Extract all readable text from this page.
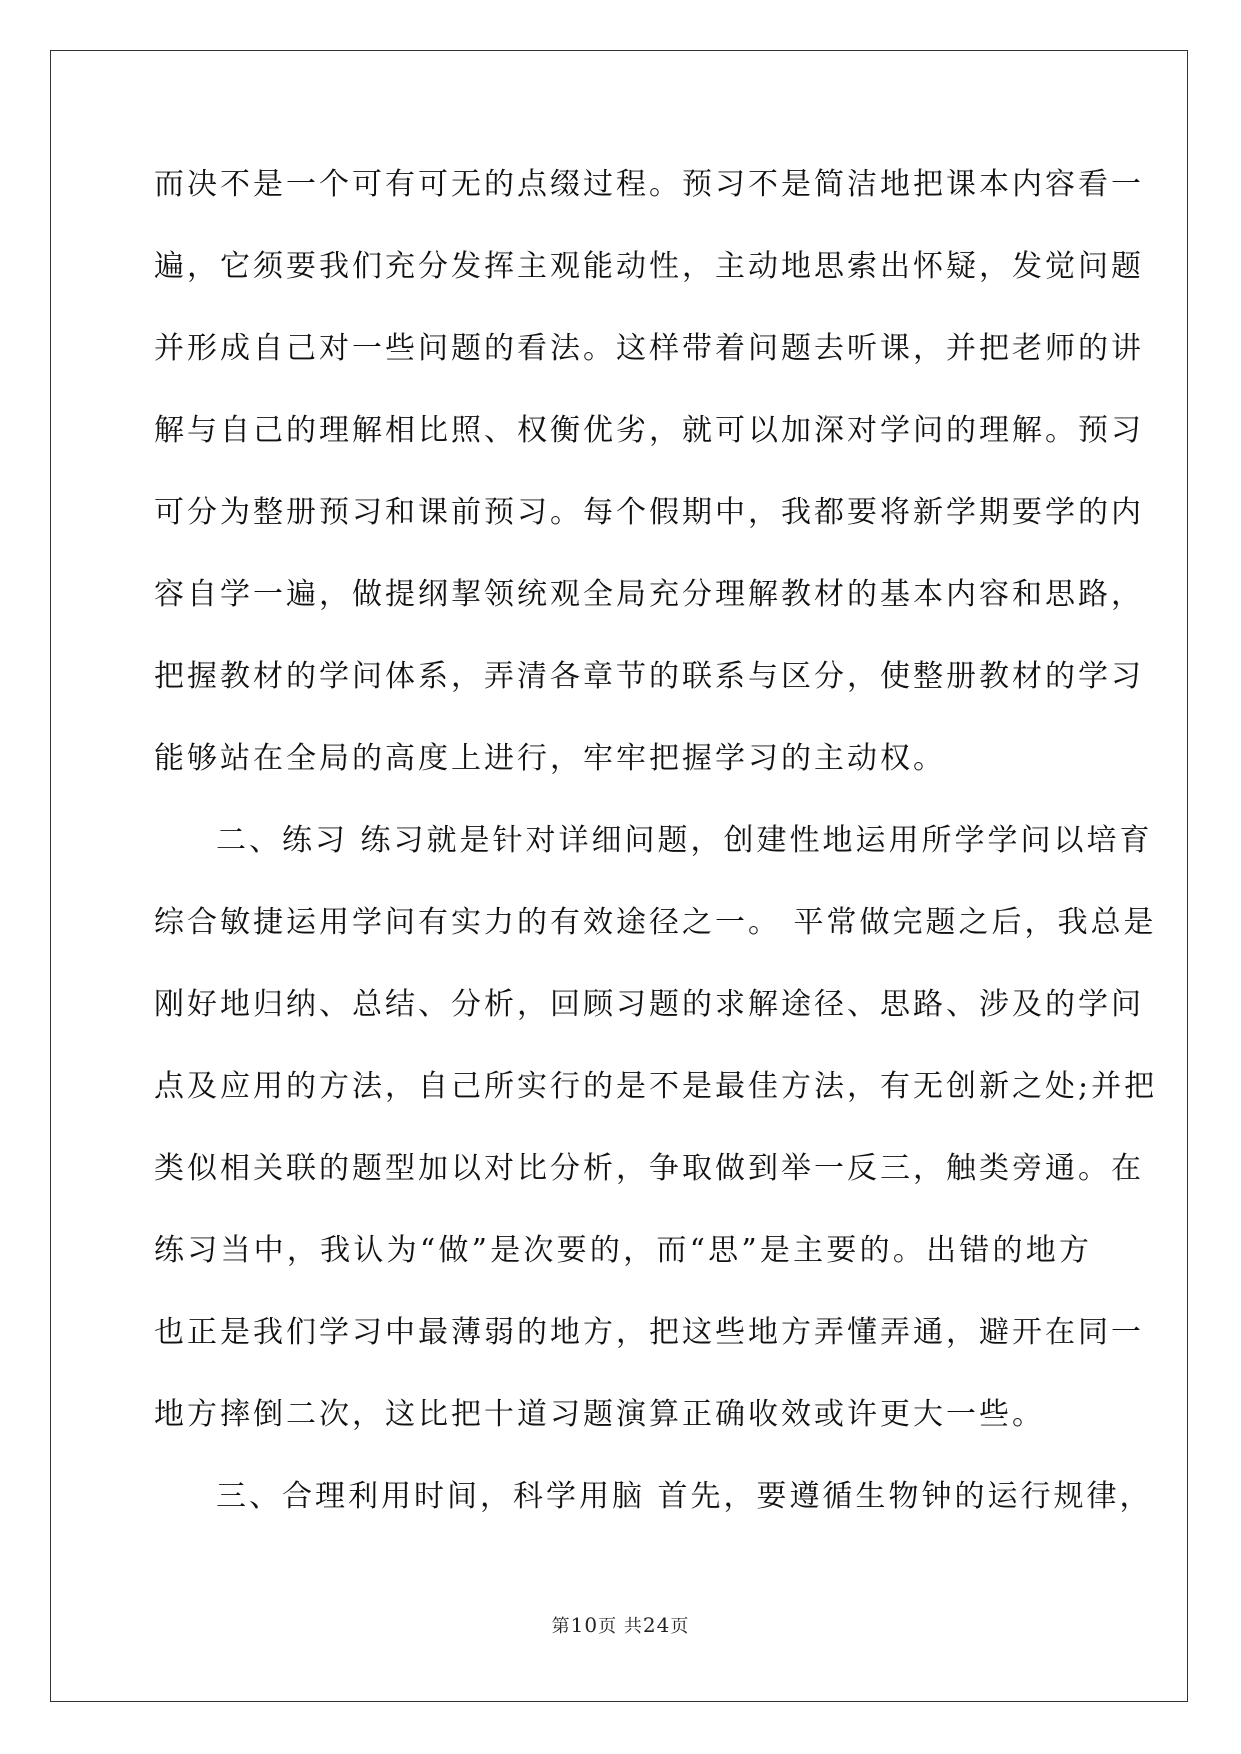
而决不是一个可有可无的点缀过程。预习不是简洁地把课本内容看一
遍，它须要我们充分发挥主观能动性，主动地思索出怀疑，发觉问题
并形成自己对一些问题的看法。这样带着问题去听课，并把老师的讲
解与自己的理解相比照、权衡优劣，就可以加深对学问的理解。预习
可分为整册预习和课前预习。每个假期中，我都要将新学期要学的内
容自学一遍，做提纲挈领统观全局充分理解教材的基本内容和思路，
把握教材的学问体系，弄清各章节的联系与区分，使整册教材的学习
能够站在全局的高度上进行，牢牢把握学习的主动权。
二、练习 练习就是针对详细问题，创建性地运用所学学问以培育
综合敏捷运用学问有实力的有效途径之一。 平常做完题之后，我总是
刚好地归纳、总结、分析，回顾习题的求解途径、思路、涉及的学问
点及应用的方法，自己所实行的是不是最佳方法，有无创新之处;并把
类似相关联的题型加以对比分析，争取做到举一反三，触类旁通。在
练习当中，我认为“做”是次要的，而“思”是主要的。出错的地方
也正是我们学习中最薄弱的地方，把这些地方弄懂弄通，避开在同一
地方摔倒二次，这比把十道习题演算正确收效或许更大一些。
三、合理利用时间，科学用脑 首先，要遵循生物钟的运行规律，
第10页 共24页
